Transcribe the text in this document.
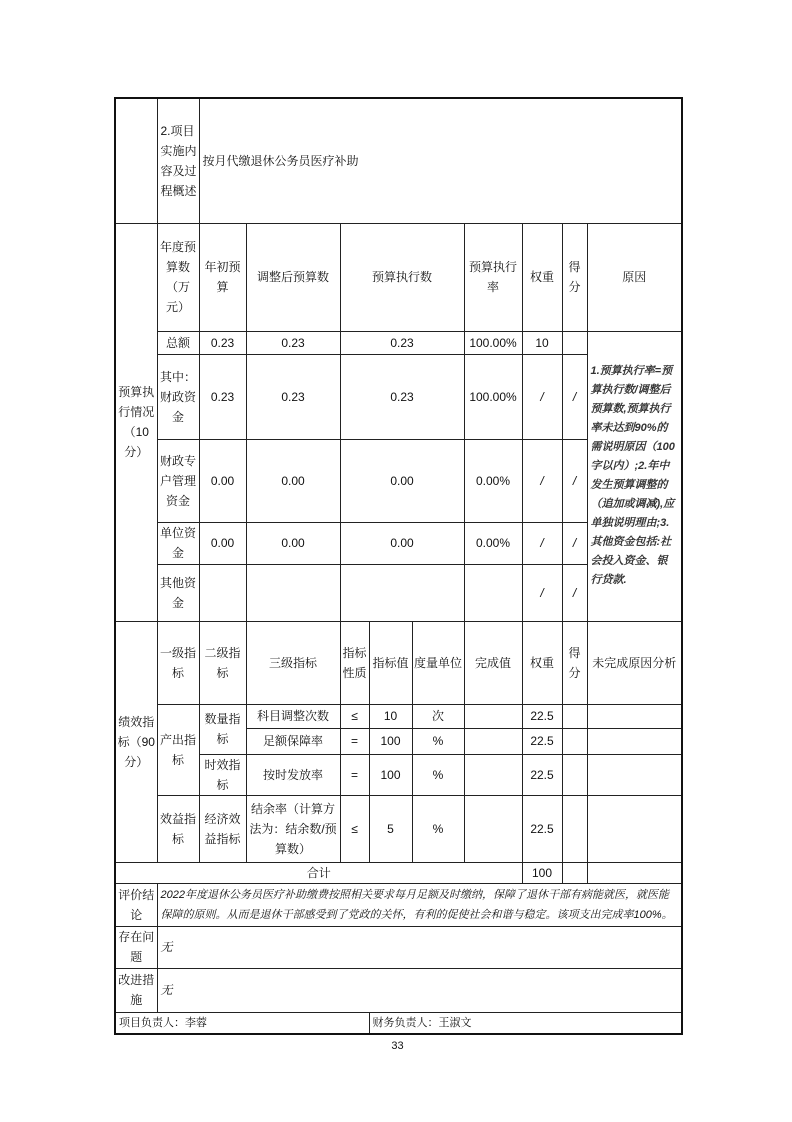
	2.项目实施内容及过程概述	按月代缴退休公务员医疗补助								
预算执行情况（10分）	年度预算数（万元）	年初预算	调整后预算数	预算执行数			预算执行率	权重	得分	原因
	总额	0.23	0.23	0.23			100.00%	10		1.预算执行率=预算执行数/调整后预算数,预算执行率未达到90%的需说明原因（100字以内）;2.年中发生预算调整的（追加或调减),应单独说明理由;3.其他资金包括:社会投入资金、银行贷款.
	其中：财政资金	0.23	0.23	0.23			100.00%	/	/	
	财政专户管理资金	0.00	0.00	0.00			0.00%	/	/	
	单位资金	0.00	0.00	0.00			0.00%	/	/	
	其他资金							/	/	
绩效指标（90分）	一级指标	二级指标	三级指标	指标性质	指标值	度量单位	完成值	权重	得分	未完成原因分析
	产出指标	数量指标	科目调整次数	≤	10	次		22.5		
			足额保障率	=	100	%		22.5		
		时效指标	按时发放率	=	100	%		22.5		
	效益指标	经济效益指标	结余率（计算方法为：结余数/预算数）	≤	5	%		22.5		
合计								100		
评价结论	2022年度退休公务员医疗补助缴费按照相关要求每月足额及时缴纳，保障了退休干部有病能就医，就医能保障的原则。从而是退休干部感受到了党政的关怀，有利的促使社会和谐与稳定。该项支出完成率100%。									
存在问题	无									
改进措施	无									
项目负责人：李蓉					财务负责人：王淑文					
33
